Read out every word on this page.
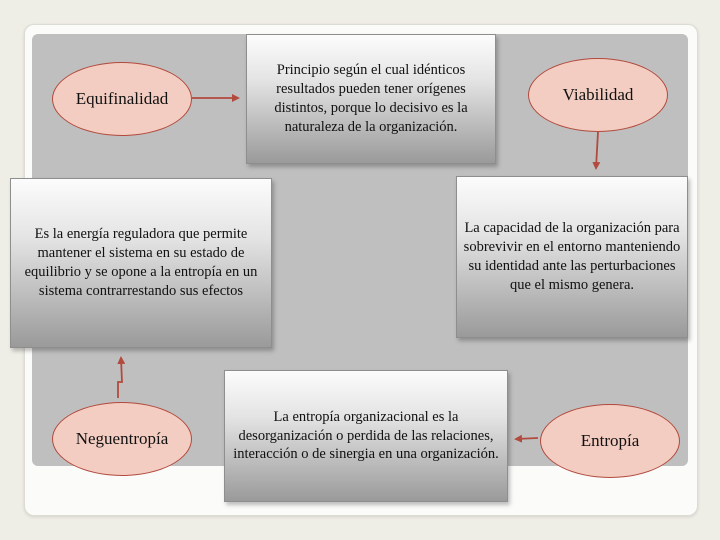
Equifinalidad	Viabilidad
Neguentropía	Entropía
Principio según el cual idénticos resultados pueden tener orígenes distintos, porque lo decisivo es la naturaleza de la organización.
La capacidad de la organización para sobrevivir en el entorno manteniendo su identidad ante las perturbaciones que el mismo genera.
Es la energía reguladora que permite mantener el sistema en su estado de equilibrio y se opone a la entropía en un sistema contrarrestando sus efectos
La entropía organizacional es la desorganización o perdida de las relaciones, interacción o de sinergia en una organización.
